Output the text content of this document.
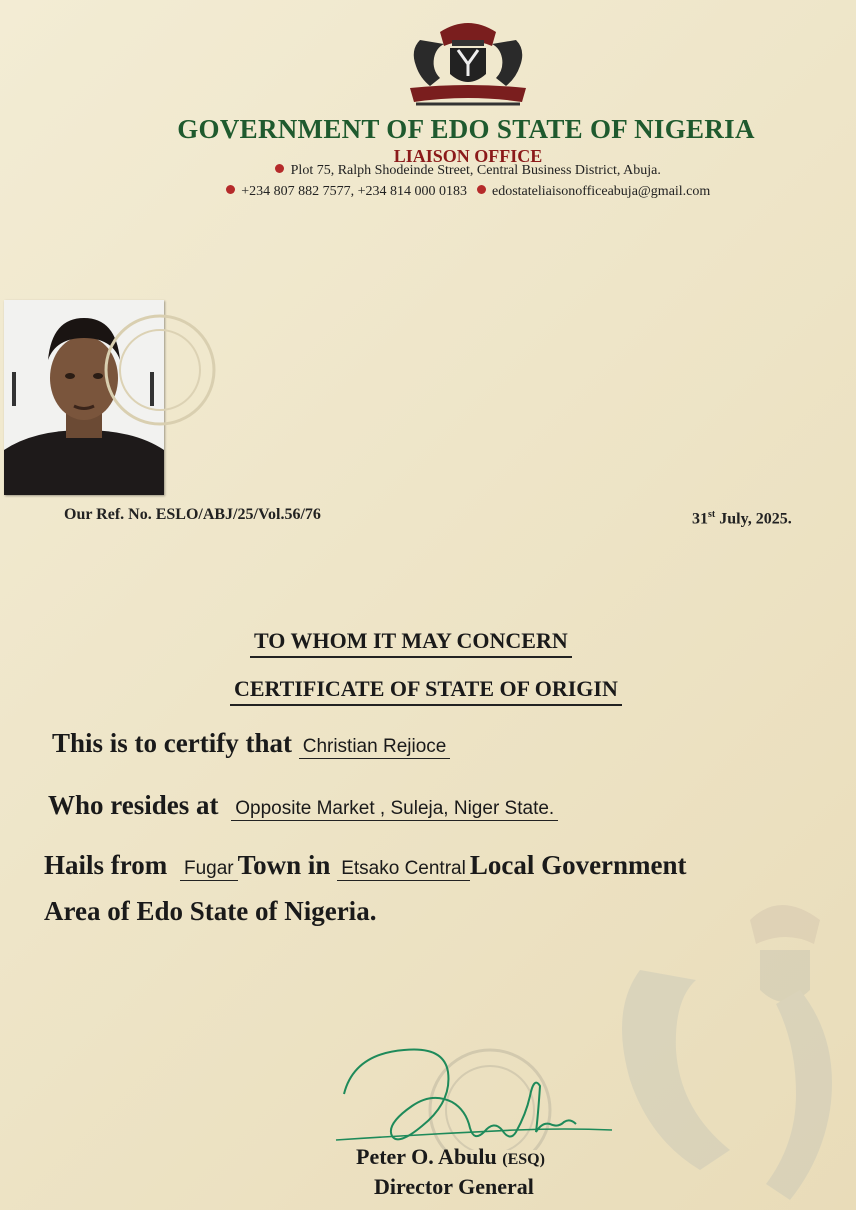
GOVERNMENT OF EDO STATE OF NIGERIA
LIAISON OFFICE
Plot 75, Ralph Shodeinde Street, Central Business District, Abuja.
+234 807 882 7577, +234 814 000 0183 edostateliaisonofficeabuja@gmail.com
Our Ref. No. ESLO/ABJ/25/Vol.56/76	31st July, 2025.
TO WHOM IT MAY CONCERN
CERTIFICATE OF STATE OF ORIGIN
This is to certify that Christian Rejioce
Who resides at Opposite Market , Suleja, Niger State.
Hails from Fugar Town in Etsako Central Local Government
Area of Edo State of Nigeria.
Peter O. Abulu (ESQ)
Director General
